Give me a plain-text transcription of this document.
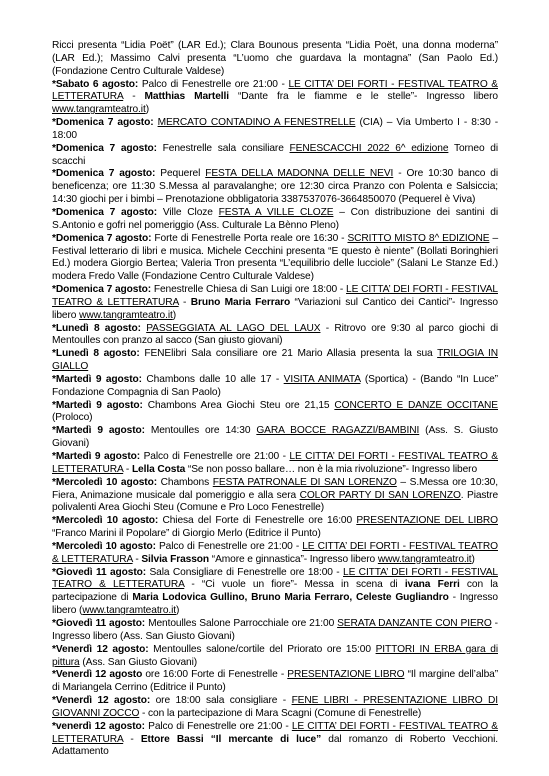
Ricci presenta “Lidia Poët” (LAR Ed.); Clara Bounous presenta “Lidia Poët, una donna moderna” (LAR Ed.); Massimo Calvi presenta “L’uomo che guardava la montagna” (San Paolo Ed.) (Fondazione Centro Culturale Valdese)

*Sabato 6 agosto: Palco di Fenestrelle ore 21:00 - LE CITTA’ DEI FORTI - FESTIVAL TEATRO & LETTERATURA - Matthias Martelli “Dante fra le fiamme e le stelle”- Ingresso libero www.tangramteatro.it)

*Domenica 7 agosto: MERCATO CONTADINO A FENESTRELLE (CIA) – Via Umberto I - 8:30 - 18:00

*Domenica 7 agosto: Fenestrelle sala consiliare FENESCACCHI 2022 6^ edizione Torneo di scacchi

*Domenica 7 agosto: Pequerel FESTA DELLA MADONNA DELLE NEVI - Ore 10:30 banco di beneficenza; ore 11:30 S.Messa al paravalanghe; ore 12:30 circa Pranzo con Polenta e Salsiccia; 14:30 giochi per i bimbi – Prenotazione obbligatoria 3387537076-3664850070 (Pequerel è Viva)

*Domenica 7 agosto: Ville Cloze FESTA A VILLE CLOZE – Con distribuzione dei santini di S.Antonio e gofri nel pomeriggio (Ass. Culturale La Bènno Pleno)

*Domenica 7 agosto: Forte di Fenestrelle Porta reale ore 16:30 - SCRITTO MISTO 8^ EDIZIONE – Festival letterario di libri e musica. Michele Cecchini presenta “E questo è niente” (Bollati Boringhieri Ed.) modera Giorgio Bertea; Valeria Tron presenta “L’equilibrio delle lucciole” (Salani Le Stanze Ed.) modera Fredo Valle (Fondazione Centro Culturale Valdese)

*Domenica 7 agosto: Fenestrelle Chiesa di San Luigi ore 18:00 - LE CITTA’ DEI FORTI - FESTIVAL TEATRO & LETTERATURA - Bruno Maria Ferraro “Variazioni sul Cantico dei Cantici”- Ingresso libero www.tangramteatro.it)

*Lunedì 8 agosto: PASSEGGIATA AL LAGO DEL LAUX - Ritrovo ore 9:30 al parco giochi di Mentoulles con pranzo al sacco (San giusto giovani)

*Lunedì 8 agosto: FENElibri Sala consiliare ore 21 Mario Allasia presenta la sua TRILOGIA IN GIALLO

*Martedì 9 agosto: Chambons dalle 10 alle 17 - VISITA ANIMATA (Sportica) - (Bando “In Luce” Fondazione Compagnia di San Paolo)

*Martedì 9 agosto: Chambons Area Giochi Steu ore 21,15 CONCERTO E DANZE OCCITANE (Proloco)

*Martedì 9 agosto: Mentoulles ore 14:30 GARA BOCCE RAGAZZI/BAMBINI (Ass. S. Giusto Giovani)

*Martedì 9 agosto: Palco di Fenestrelle ore 21:00 - LE CITTA’ DEI FORTI - FESTIVAL TEATRO & LETTERATURA - Lella Costa “Se non posso ballare… non è la mia rivoluzione”- Ingresso libero

*Mercoledì 10 agosto: Chambons FESTA PATRONALE DI SAN LORENZO – S.Messa ore 10:30, Fiera, Animazione musicale dal pomeriggio e alla sera COLOR PARTY DI SAN LORENZO. Piastre polivalenti Area Giochi Steu (Comune e Pro Loco Fenestrelle)

*Mercoledì 10 agosto: Chiesa del Forte di Fenestrelle ore 16:00 PRESENTAZIONE DEL LIBRO “Franco Marini il Popolare” di Giorgio Merlo (Editrice il Punto)

*Mercoledì 10 agosto: Palco di Fenestrelle ore 21:00 - LE CITTA’ DEI FORTI - FESTIVAL TEATRO & LETTERATURA - Silvia Frasson “Amore e ginnastica”- Ingresso libero www.tangramteatro.it)

*Giovedì 11 agosto: Sala Consigliare di Fenestrelle ore 18:00 - LE CITTA’ DEI FORTI - FESTIVAL TEATRO & LETTERATURA - “Ci vuole un fiore”- Messa in scena di ivana Ferri con la partecipazione di Maria Lodovica Gullino, Bruno Maria Ferraro, Celeste Gugliandro - Ingresso libero (www.tangramteatro.it)

*Giovedì 11 agosto: Mentoulles Salone Parrocchiale ore 21:00 SERATA DANZANTE CON PIERO - Ingresso libero (Ass. San Giusto Giovani)

*Venerdì 12 agosto: Mentoulles salone/cortile del Priorato ore 15:00 PITTORI IN ERBA gara di pittura (Ass. San Giusto Giovani)

*Venerdì 12 agosto ore 16:00 Forte di Fenestrelle - PRESENTAZIONE LIBRO “Il margine dell’alba” di Mariangela Cerrino (Editrice il Punto)

*Venerdì 12 agosto: ore 18:00 sala consigliare - FENE LIBRI - PRESENTAZIONE LIBRO DI GIOVANNI ZOCCO - con la partecipazione di Mara Scagni (Comune di Fenestrelle)

*venerdì 12 agosto: Palco di Fenestrelle ore 21:00 - LE CITTA’ DEI FORTI - FESTIVAL TEATRO & LETTERATURA - Ettore Bassi “Il mercante di luce” dal romanzo di Roberto Vecchioni. Adattamento
